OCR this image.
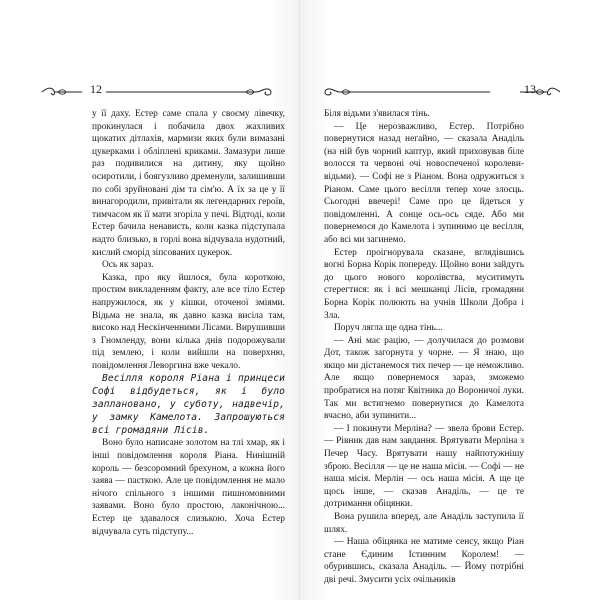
12

у її даху. Естер саме спала у своєму лівечку, прокинулася і побачила двох жахливих щокатих дітлахів, мармизи яких були вимазані цукерками і обліплені криками. Замазури лише раз подивилися на дитину, яку щойно осиротили, і боягузливо дременули, залишивши по собі зруйновані дім та сім'ю. А їх за це у її винагородили, привітали як легендарних героїв, тимчасом як її мати згоріла у печі. Відтоді, коли Естер бачила ненависть, коли казка підступала надто близько, в горлі вона відчувала нудотний, кислий сморід зіпсованих цукерок.

Ось як зараз.

Казка, про яку йшлося, була короткою, простим викладенням факту, але все тіло Естер напружилося, як у кішки, оточеної зміями. Відьма не знала, як давно казка висіла там, високо над Нескінченними Лісами. Вирушивши з Гномленду, вони кілька днів подорожували під землею, і коли вийшли на поверхню, повідомлення Леворгина вже чекало.

Весілля короля Ріана і принцеси Софі відбудеться, як і було заплановано, у суботу, надвечір, у замку Камелота. Запрошуються всі громадяни Лісів.

Воно було написане золотом на тлі хмар, як і інші повідомлення короля Ріана. Нинішній король — безсоромний брехуном, а кожна його заява — пасткою. Але це повідомлення не мало нічого спільного з іншими пишномовними заявами. Воно було простою, лаконічною... Естер це здавалося слизькою. Хоча Естер відчувала суть підступу...

13

Біля відьми з'явилася тінь.

— Це нерозважливо, Естер. Потрібно повернутися назад негайно, — сказала Анаділь (на ній був чорний каптур, який приховував біле волосся та червоні очі новоспеченої королеви-відьми). — Софі не з Ріаном. Вона одружиться з Ріаном. Саме цього весілля тепер хоче злоєць. Сьогодні ввечері! Саме про це йдеться у повідомленні. А сонце ось-ось сяде. Або ми повернемося до Камелота і зупинимо це весілля, або всі ми загинемо.

Естер проігнорувала сказане, вглядівшись вогні Борна Корік попереду. Щойно вони зайдуть до цього нового королівства, муситимуть стерегтися: як і всі мешканці Лісів, громадяни Борна Корік полюють на учнів Школи Добра і Зла.

Поруч лягла ще одна тінь...

— Ані має рацію, — долучилася до розмови Дот, також загорнута у чорне. — Я знаю, що якщо ми дістанемося тих печер — це неможливо. Але якщо повернемося зараз, зможемо пробратися на потяг Квітника до Вороничої луки. Так ми встигнемо повернутися до Камелота вчасно, аби зупинити...

— І покинути Мерліна? — звела брови Естер. — Рівник дав нам завдання. Врятувати Мерліна з Печер Часу. Врятувати нашу найпотужнішу зброю. Весілля — це не наша місія. — Софі — не наша місія. Мерлін — ось наша місія. А ще це щось інше, — сказав Анаділь, — це те дотримання обіцянки.

Вона рушила вперед, але Анаділь заступила її шлях.

— Наша обіцянка не матиме сенсу, якщо Ріан стане Єдиним Істинним Королем! — обурившись, сказала Анаділь. — Йому потрібні дві речі. Змусити усіх очільників
